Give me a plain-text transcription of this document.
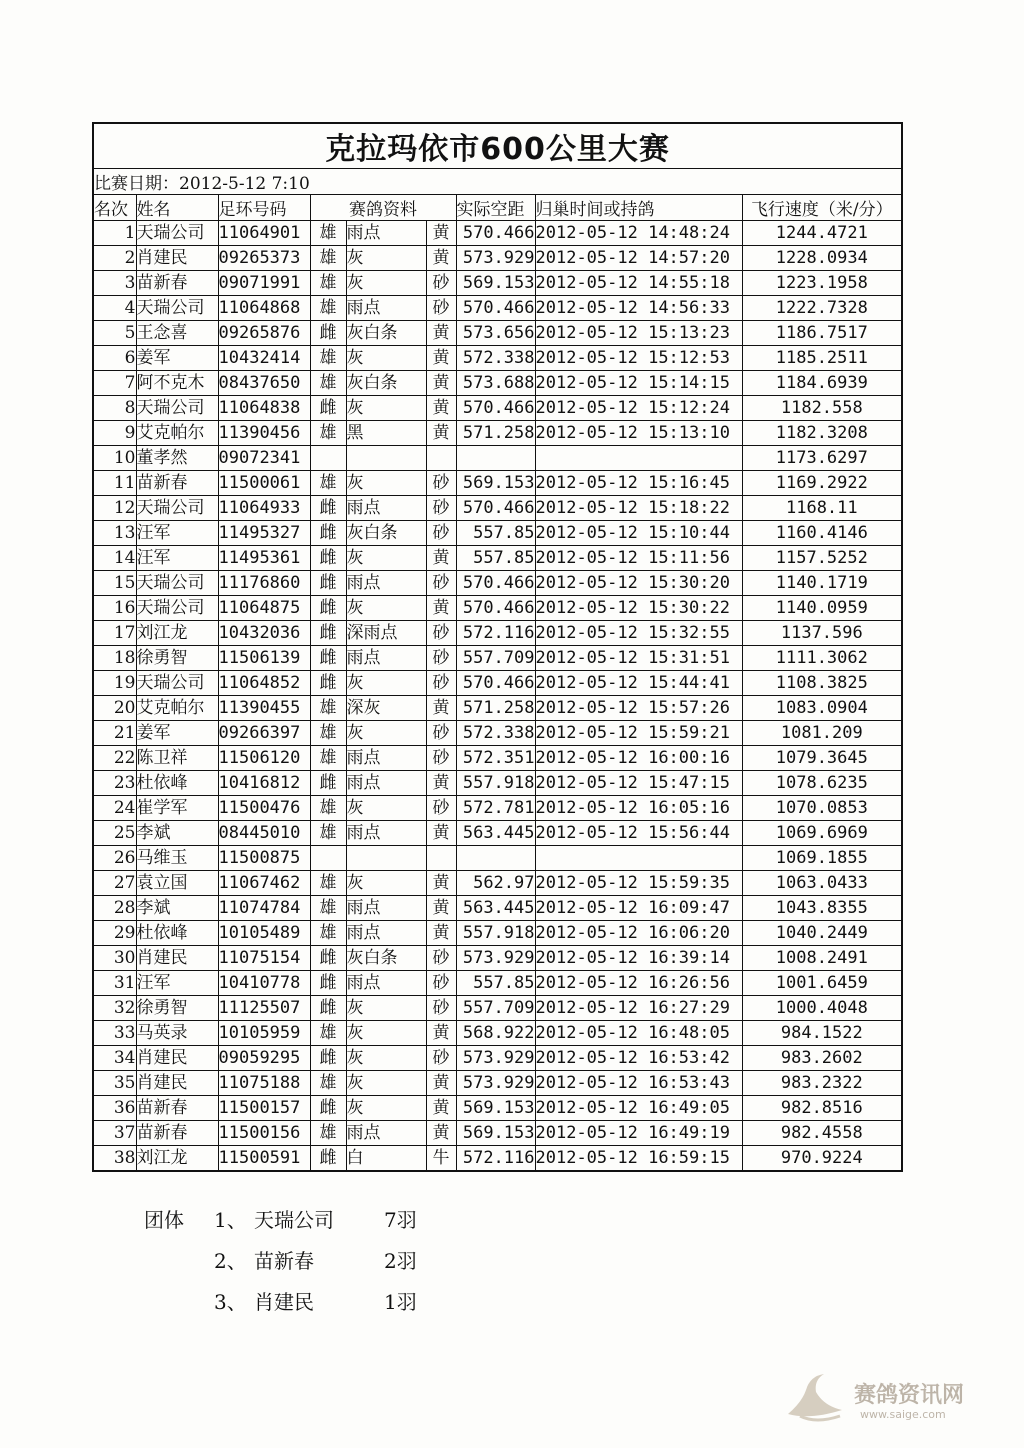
克拉玛依市600公里大赛								
比赛日期：2012-5-12 7:10								
名次	姓名	足环号码	赛鸽资料			实际空距	归巢时间或持鸽	飞行速度（米/分）
1	天瑞公司	11064901	雄	雨点	黄	570.466	2012-05-12 14:48:24	1244.4721
2	肖建民	09265373	雄	灰	黄	573.929	2012-05-12 14:57:20	1228.0934
3	苗新春	09071991	雄	灰	砂	569.153	2012-05-12 14:55:18	1223.1958
4	天瑞公司	11064868	雄	雨点	砂	570.466	2012-05-12 14:56:33	1222.7328
5	王念喜	09265876	雌	灰白条	黄	573.656	2012-05-12 15:13:23	1186.7517
6	姜军	10432414	雄	灰	黄	572.338	2012-05-12 15:12:53	1185.2511
7	阿不克木	08437650	雄	灰白条	黄	573.688	2012-05-12 15:14:15	1184.6939
8	天瑞公司	11064838	雌	灰	黄	570.466	2012-05-12 15:12:24	1182.558
9	艾克帕尔	11390456	雄	黑	黄	571.258	2012-05-12 15:13:10	1182.3208
10	董孝然	09072341						1173.6297
11	苗新春	11500061	雄	灰	砂	569.153	2012-05-12 15:16:45	1169.2922
12	天瑞公司	11064933	雌	雨点	砂	570.466	2012-05-12 15:18:22	1168.11
13	汪军	11495327	雌	灰白条	砂	557.85	2012-05-12 15:10:44	1160.4146
14	汪军	11495361	雌	灰	黄	557.85	2012-05-12 15:11:56	1157.5252
15	天瑞公司	11176860	雌	雨点	砂	570.466	2012-05-12 15:30:20	1140.1719
16	天瑞公司	11064875	雌	灰	黄	570.466	2012-05-12 15:30:22	1140.0959
17	刘江龙	10432036	雌	深雨点	砂	572.116	2012-05-12 15:32:55	1137.596
18	徐勇智	11506139	雌	雨点	砂	557.709	2012-05-12 15:31:51	1111.3062
19	天瑞公司	11064852	雌	灰	砂	570.466	2012-05-12 15:44:41	1108.3825
20	艾克帕尔	11390455	雄	深灰	黄	571.258	2012-05-12 15:57:26	1083.0904
21	姜军	09266397	雄	灰	砂	572.338	2012-05-12 15:59:21	1081.209
22	陈卫祥	11506120	雄	雨点	砂	572.351	2012-05-12 16:00:16	1079.3645
23	杜依峰	10416812	雌	雨点	黄	557.918	2012-05-12 15:47:15	1078.6235
24	崔学军	11500476	雄	灰	砂	572.781	2012-05-12 16:05:16	1070.0853
25	李斌	08445010	雄	雨点	黄	563.445	2012-05-12 15:56:44	1069.6969
26	马维玉	11500875						1069.1855
27	袁立国	11067462	雄	灰	黄	562.97	2012-05-12 15:59:35	1063.0433
28	李斌	11074784	雄	雨点	黄	563.445	2012-05-12 16:09:47	1043.8355
29	杜依峰	10105489	雄	雨点	黄	557.918	2012-05-12 16:06:20	1040.2449
30	肖建民	11075154	雌	灰白条	砂	573.929	2012-05-12 16:39:14	1008.2491
31	汪军	10410778	雌	雨点	砂	557.85	2012-05-12 16:26:56	1001.6459
32	徐勇智	11125507	雌	灰	砂	557.709	2012-05-12 16:27:29	1000.4048
33	马英录	10105959	雄	灰	黄	568.922	2012-05-12 16:48:05	984.1522
34	肖建民	09059295	雌	灰	砂	573.929	2012-05-12 16:53:42	983.2602
35	肖建民	11075188	雄	灰	黄	573.929	2012-05-12 16:53:43	983.2322
36	苗新春	11500157	雌	灰	黄	569.153	2012-05-12 16:49:05	982.8516
37	苗新春	11500156	雄	雨点	黄	569.153	2012-05-12 16:49:19	982.4558
38	刘江龙	11500591	雌	白	牛	572.116	2012-05-12 16:59:15	970.9224
团体 1、 天瑞公司	7羽
2、 苗新春	2羽
3、 肖建民	1羽
赛鸽资讯网
www.saige.com
